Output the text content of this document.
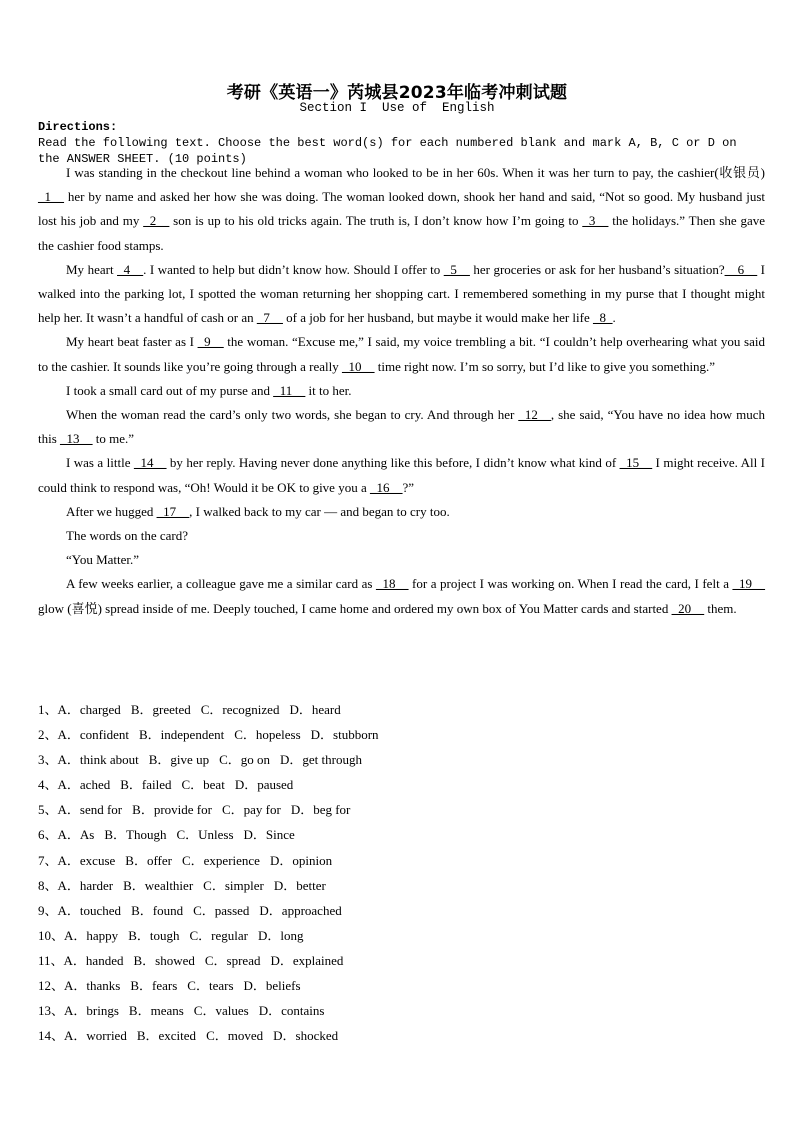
考研《英语一》芮城县2023年临考冲刺试题
Section I  Use of  English
Directions:
Read the following text. Choose the best word(s) for each numbered blank and mark A, B, C or D on the ANSWER SHEET. (10 points)

I was standing in the checkout line behind a woman who looked to be in her 60s. When it was her turn to pay, the cashier(收银员) _1__ her by name and asked her how she was doing. The woman looked down, shook her hand and said, “Not so good. My husband just lost his job and my _2__ son is up to his old tricks again. The truth is, I don’t know how I’m going to _3__ the holidays.” Then she gave the cashier food stamps.

My heart _4__. I wanted to help but didn’t know how. Should I offer to _5__ her groceries or ask for her husband’s situation?__6__ I walked into the parking lot, I spotted the woman returning her shopping cart. I remembered something in my purse that I thought might help her. It wasn’t a handful of cash or an _7__ of a job for her husband, but maybe it would make her life _8_.

My heart beat faster as I _9__ the woman. “Excuse me,” I said, my voice trembling a bit. “I couldn’t help overhearing what you said to the cashier. It sounds like you’re going through a really _10__ time right now. I’m so sorry, but I’d like to give you something.”

I took a small card out of my purse and _11__ it to her.

When the woman read the card’s only two words, she began to cry. And through her _12__, she said, “You have no idea how much this _13__ to me.”

I was a little _14__ by her reply. Having never done anything like this before, I didn’t know what kind of _15__ I might receive. All I could think to respond was, “Oh! Would it be OK to give you a _16__?”

After we hugged _17__, I walked back to my car — and began to cry too.

The words on the card?

“You Matter.”

A few weeks earlier, a colleague gave me a similar card as _18__ for a project I was working on. When I read the card, I felt a _19__ glow (喜悦) spread inside of me. Deeply touched, I came home and ordered my own box of You Matter cards and started _20__ them.

1、A．charged B．greeted C．recognized D．heard
2、A．confident B．independent C．hopeless D．stubborn
3、A．think about B．give up C．go on D．get through
4、A．ached B．failed C．beat D．paused
5、A．send for B．provide for C．pay for D．beg for
6、A．As B．Though C．Unless D．Since
7、A．excuse B．offer C．experience D．opinion
8、A．harder B．wealthier C．simpler D．better
9、A．touched B．found C．passed D．approached
10、A．happy B．tough C．regular D．long
11、A．handed B．showed C．spread D．explained
12、A．thanks B．fears C．tears D．beliefs
13、A．brings B．means C．values D．contains
14、A．worried B．excited C．moved D．shocked
